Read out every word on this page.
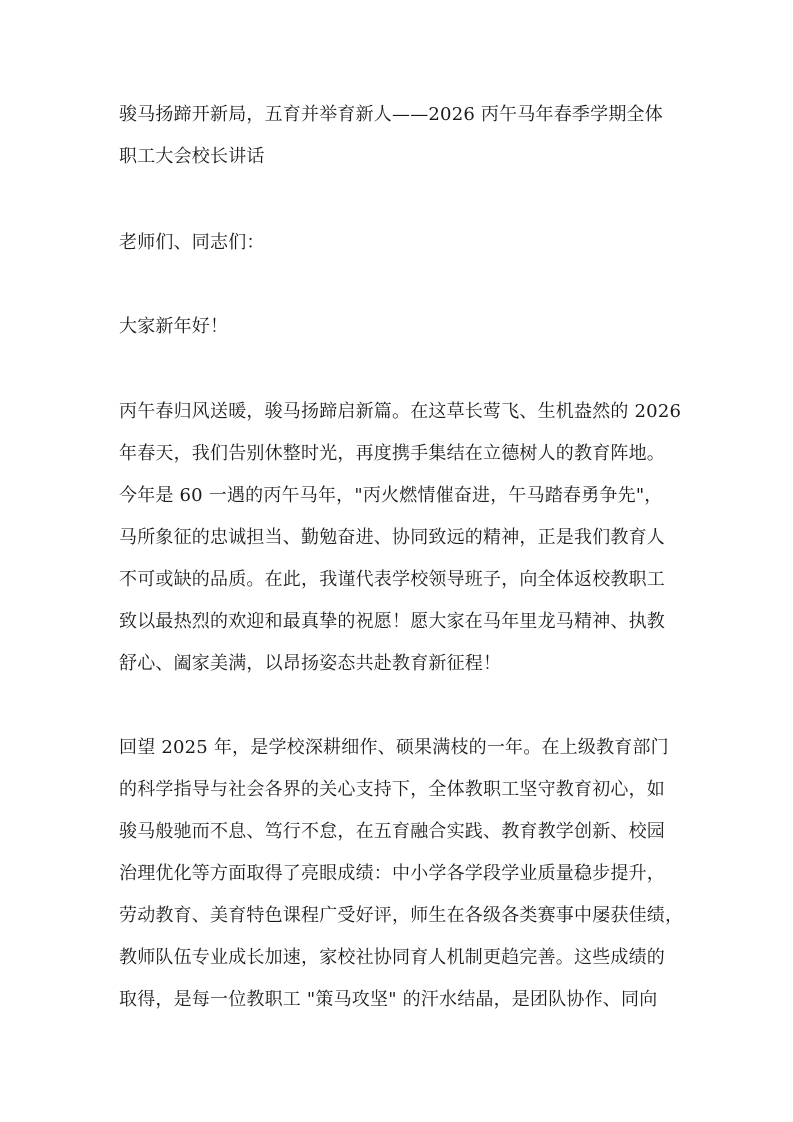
骏马扬蹄开新局，五育并举育新人——2026 丙午马年春季学期全体
职工大会校长讲话
老师们、同志们：
大家新年好！
丙午春归风送暖，骏马扬蹄启新篇。在这草长莺飞、生机盎然的 2026
年春天，我们告别休整时光，再度携手集结在立德树人的教育阵地。
今年是 60 一遇的丙午马年，"丙火燃情催奋进，午马踏春勇争先"，
马所象征的忠诚担当、勤勉奋进、协同致远的精神，正是我们教育人
不可或缺的品质。在此，我谨代表学校领导班子，向全体返校教职工
致以最热烈的欢迎和最真挚的祝愿！愿大家在马年里龙马精神、执教
舒心、阖家美满，以昂扬姿态共赴教育新征程！
回望 2025 年，是学校深耕细作、硕果满枝的一年。在上级教育部门
的科学指导与社会各界的关心支持下，全体教职工坚守教育初心，如
骏马般驰而不息、笃行不怠，在五育融合实践、教育教学创新、校园
治理优化等方面取得了亮眼成绩：中小学各学段学业质量稳步提升，
劳动教育、美育特色课程广受好评，师生在各级各类赛事中屡获佳绩，
教师队伍专业成长加速，家校社协同育人机制更趋完善。这些成绩的
取得，是每一位教职工 "策马攻坚" 的汗水结晶，是团队协作、同向
